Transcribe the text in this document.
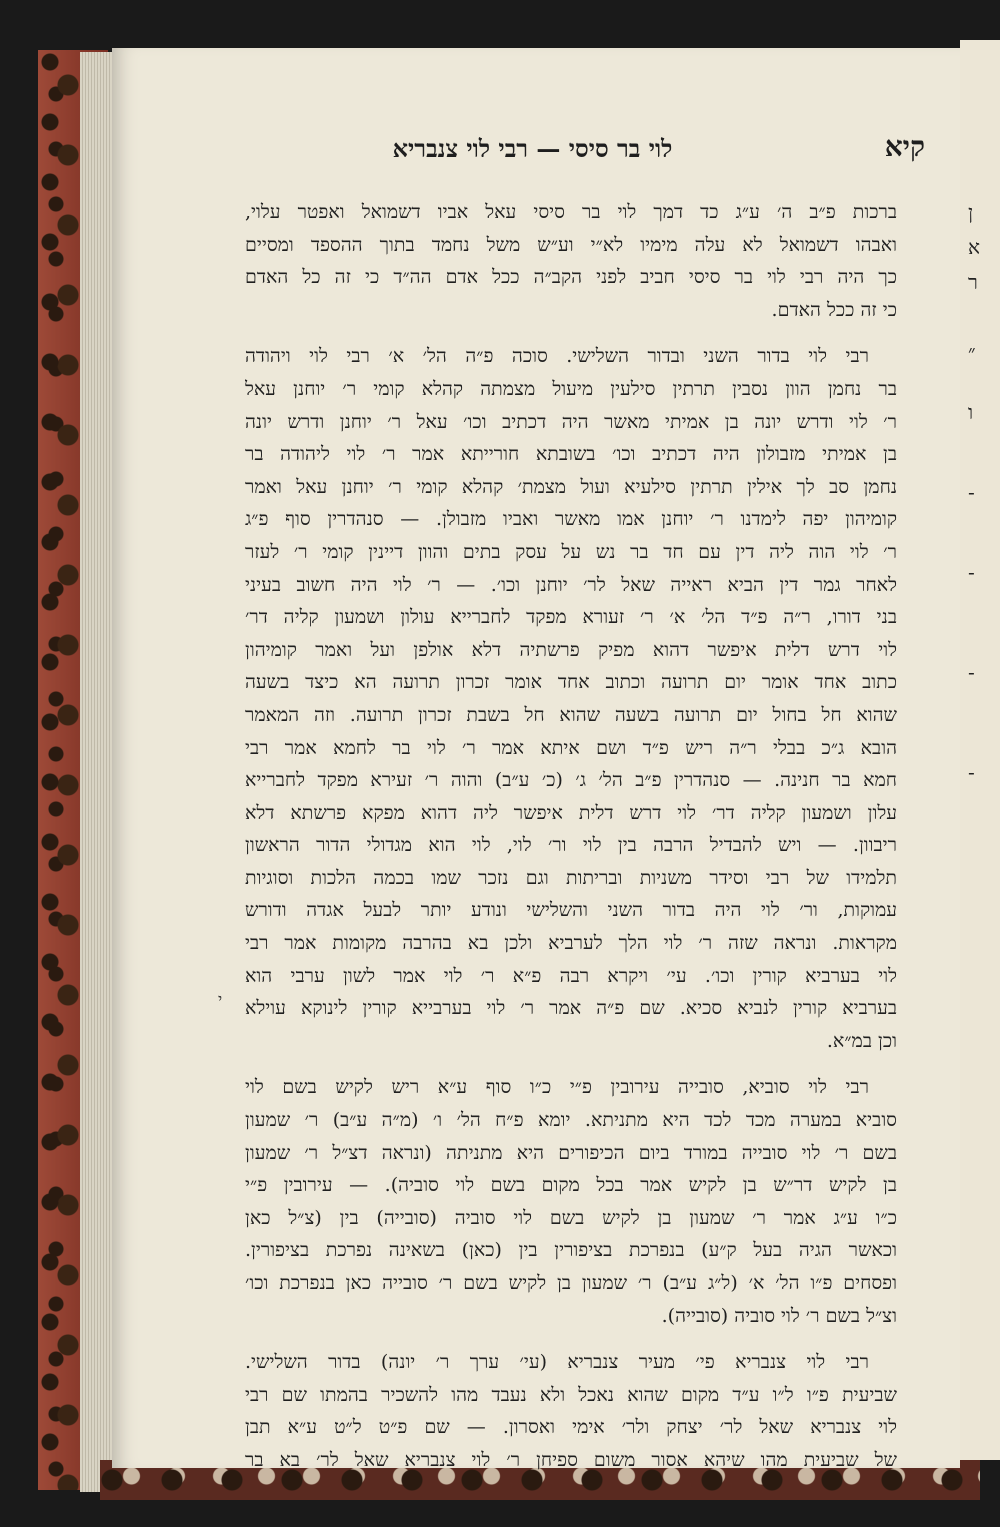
ן
א
ר
״
ו
-
-
-
-
קיא
לוי בר סיסי — רבי לוי צנבריא
י
ברכות פ״ב ה׳ ע״ג כד דמך לוי בר סיסי עאל אביו דשמואל ואפטר עלוי,
ואבהו דשמואל לא עלה מימיו לא״י וע״ש משל נחמד בתוך ההספד ומסיים
כך היה רבי לוי בר סיסי חביב לפני הקב״ה ככל אדם הה״ד כי זה כל האדם
כי זה ככל האדם.
רבי לוי בדור השני ובדור השלישי. סוכה פ״ה הל׳ א׳ רבי לוי ויהודה
בר נחמן הוון נסבין תרתין סילעין מיעול מצמתה קהלא קומי ר׳ יוחנן עאל
ר׳ לוי ודרש יונה בן אמיתי מאשר היה דכתיב וכו׳ עאל ר׳ יוחנן ודרש יונה
בן אמיתי מזבולון היה דכתיב וכו׳ בשובתא חורייתא אמר ר׳ לוי ליהודה בר
נחמן סב לך אילין תרתין סילעיא ועול מצמת׳ קהלא קומי ר׳ יוחנן עאל ואמר
קומיהון יפה לימדנו ר׳ יוחנן אמו מאשר ואביו מזבולן. — סנהדרין סוף פ״ג
ר׳ לוי הוה ליה דין עם חד בר נש על עסק בתים והוון דיינין קומי ר׳ לעזר
לאחר גמר דין הביא ראייה שאל לר׳ יוחנן וכו׳. — ר׳ לוי היה חשוב בעיני
בני דורו, ר״ה פ״ד הל׳ א׳ ר׳ זעורא מפקד לחברייא עולון ושמעון קליה דר׳
לוי דרש דלית איפשר דהוא מפיק פרשתיה דלא אולפן ועל ואמר קומיהון
כתוב אחד אומר יום תרועה וכתוב אחד אומר זכרון תרועה הא כיצד בשעה
שהוא חל בחול יום תרועה בשעה שהוא חל בשבת זכרון תרועה. וזה המאמר
הובא ג״כ בבלי ר״ה ריש פ״ד ושם איתא אמר ר׳ לוי בר לחמא אמר רבי
חמא בר חנינה. — סנהדרין פ״ב הל׳ ג׳ (כ׳ ע״ב) והוה ר׳ זעירא מפקד לחברייא
עלון ושמעון קליה דר׳ לוי דרש דלית איפשר ליה דהוא מפקא פרשתא דלא
ריבוון. — ויש להבדיל הרבה בין לוי ור׳ לוי, לוי הוא מגדולי הדור הראשון
תלמידו של רבי וסידר משניות ובריתות וגם נזכר שמו בכמה הלכות וסוגיות
עמוקות, ור׳ לוי היה בדור השני והשלישי ונודע יותר לבעל אגדה ודורש
מקראות. ונראה שזה ר׳ לוי הלך לערביא ולכן בא בהרבה מקומות אמר רבי
לוי בערביא קורין וכו׳. עי׳ ויקרא רבה פ״א ר׳ לוי אמר לשון ערבי הוא
בערביא קורין לנביא סכיא. שם פ״ה אמר ר׳ לוי בערבייא קורין לינוקא עוילא
וכן במ״א.
רבי לוי סוביא, סובייה עירובין פ״י כ״ו סוף ע״א ריש לקיש בשם לוי
סוביא במערה מכד לכד היא מתניתא. יומא פ״ח הל׳ ו׳ (מ״ה ע״ב) ר׳ שמעון
בשם ר׳ לוי סובייה במורד ביום הכיפורים היא מתניתה (ונראה דצ״ל ר׳ שמעון
בן לקיש דר״ש בן לקיש אמר בכל מקום בשם לוי סוביה). — עירובין פ״י
כ״ו ע״ג אמר ר׳ שמעון בן לקיש בשם לוי סוביה (סובייה) בין (צ״ל כאן
וכאשר הגיה בעל ק״ע) בנפרכת בציפורין בין (כאן) בשאינה נפרכת בציפורין.
ופסחים פ״ו הל׳ א׳ (ל״ג ע״ב) ר׳ שמעון בן לקיש בשם ר׳ סובייה כאן בנפרכת וכו׳
וצ״ל בשם ר׳ לוי סוביה (סובייה).
רבי לוי צנבריא פי׳ מעיר צנבריא (עי׳ ערך ר׳ יונה) בדור השלישי.
שביעית פ״ו ל״ו ע״ד מקום שהוא נאכל ולא נעבד מהו להשכיר בהמתו שם רבי
לוי צנבריא שאל לר׳ יצחק ולר׳ אימי ואסרון. — שם פ״ט ל״ט ע״א תבן
של שביעית מהו שיהא אסור משום ספיחן ר׳ לוי צנבריא שאל לר׳ בא בר
